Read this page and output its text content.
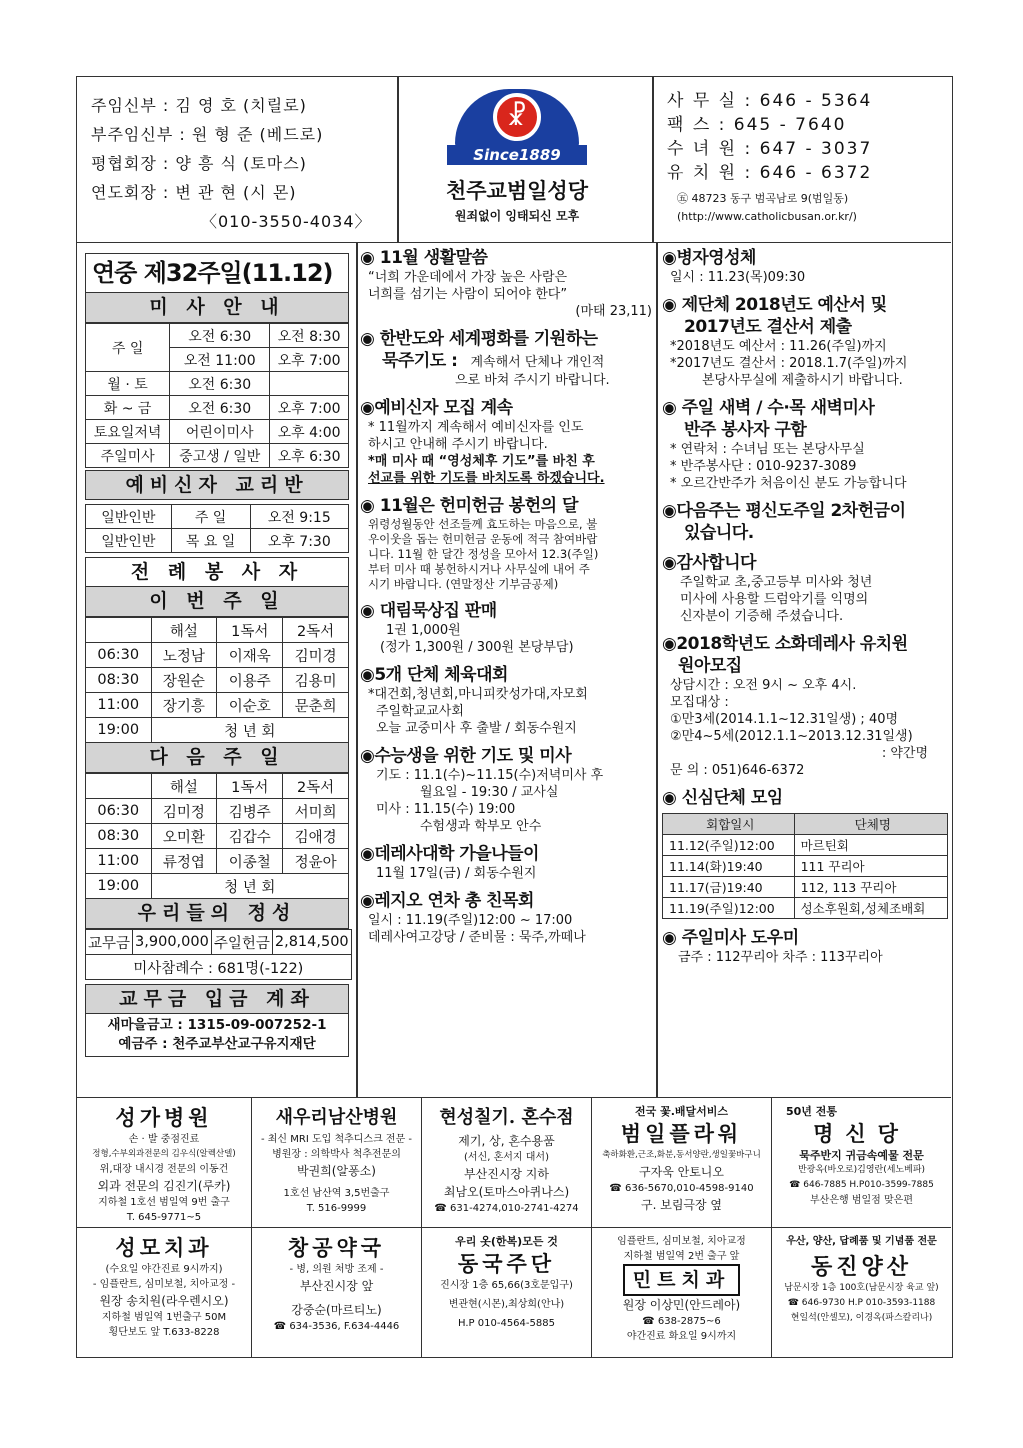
주임신부 : 김 영 호 (치릴로)
부주임신부 : 원 형 준 (베드로)
평협회장 : 양 흥 식 (토마스)
연도회장 : 변 관 현 (시 몬)
〈010-3550-4034〉
☧
Since1889
천주교범일성당
원죄없이 잉태되신 모후
사 무 실 : 646 - 5364
팩 스 : 645 - 7640
수 녀 원 : 647 - 3037
유 치 원 : 646 - 6372
㊄ 48723 동구 범곡남로 9(범일동)
(http://www.catholicbusan.or.kr/)
연중 제32주일(11.12)
미 사 안 내
주 일	오전 6:30	오전 8:30
	오전 11:00	오후 7:00
월 · 토	오전 6:30	
화 ~ 금	오전 6:30	오후 7:00
토요일저녁	어린이미사	오후 4:00
주일미사	중고생 / 일반	오후 6:30
예비신자 교리반
일반인반	주 일	오전 9:15
일반인반	목 요 일	오후 7:30
전 례 봉 사 자
이 번 주 일
	해설	1독서	2독서
06:30	노정남	이재욱	김미경
08:30	장원순	이용주	김용미
11:00	장기흥	이순호	문춘희
19:00	청 년 회		
다 음 주 일
	해설	1독서	2독서
06:30	김미정	김병주	서미희
08:30	오미환	김갑수	김애경
11:00	류정엽	이종철	정윤아
19:00	청 년 회		
우리들의 정성
교무금	3,900,000	주일헌금	2,814,500
미사참례수 : 681명(-122)
교무금 입금 계좌
새마을금고 : 1315-09-007252-1
예금주 : 천주교부산교구유지재단
◉ 11월 생활말씀
“너희 가운데에서 가장 높은 사람은
너희를 섬기는 사람이 되어야 한다”
(마태 23,11)
◉ 한반도와 세계평화를 기원하는
묵주기도 : 계속해서 단체나 개인적
으로 바쳐 주시기 바랍니다.
◉예비신자 모집 계속
* 11월까지 계속해서 예비신자를 인도
하시고 안내해 주시기 바랍니다.
*매 미사 때 “영성체후 기도”를 바친 후
선교를 위한 기도를 바치도록 하겠습니다.
◉ 11월은 헌미헌금 봉헌의 달
위령성월동안 선조들께 효도하는 마음으로, 불
우이웃을 돕는 헌미헌금 운동에 적극 참여바랍
니다. 11월 한 달간 정성을 모아서 12.3(주일)
부터 미사 때 봉헌하시거나 사무실에 내어 주
시기 바랍니다. (연말정산 기부금공제)
◉ 대림묵상집 판매
1권 1,000원
(정가 1,300원 / 300원 본당부담)
◉5개 단체 체육대회
*대건회,청년회,마니피캇성가대,자모회
주일학교교사회
오늘 교중미사 후 출발 / 회동수원지
◉수능생을 위한 기도 및 미사
기도 : 11.1(수)~11.15(수)저녁미사 후
월요일 - 19:30 / 교사실
미사 : 11.15(수) 19:00
수험생과 학부모 안수
◉데레사대학 가을나들이
11월 17일(금) / 회동수원지
◉레지오 연차 총 친목회
일시 : 11.19(주일)12:00 ~ 17:00
데레사여고강당 / 준비물 : 묵주,까떼나
◉병자영성체
일시 : 11.23(목)09:30
◉ 제단체 2018년도 예산서 및
2017년도 결산서 제출
*2018년도 예산서 : 11.26(주일)까지
*2017년도 결산서 : 2018.1.7(주일)까지
본당사무실에 제출하시기 바랍니다.
◉ 주일 새벽 / 수·목 새벽미사
반주 봉사자 구함
* 연락처 : 수녀님 또는 본당사무실
* 반주봉사단 : 010-9237-3089
* 오르간반주가 처음이신 분도 가능합니다
◉다음주는 평신도주일 2차헌금이
있습니다.
◉감사합니다
주일학교 초,중고등부 미사와 청년
미사에 사용할 드럼악기를 익명의
신자분이 기증해 주셨습니다.
◉2018학년도 소화데레사 유치원
원아모집
상담시간 : 오전 9시 ~ 오후 4시.
모집대상 :
①만3세(2014.1.1~12.31일생) ; 40명
②만4~5세(2012.1.1~2013.12.31일생)
: 약간명
문 의 : 051)646-6372
◉ 신심단체 모임
회합일시	단체명
11.12(주일)12:00	마르틴회
11.14(화)19:40	111 꾸리아
11.17(금)19:40	112, 113 꾸리아
11.19(주일)12:00	성소후원회,성체조배회
◉ 주일미사 도우미
금주 : 112꾸리아 차주 : 113꾸리아
성가병원
손 · 발 중점진료
정형,수부외과전문의 김우식(알렉산델)
위,대장 내시경 전문의 이동건
외과 전문의 김진기(루카)
지하철 1호선 범일역 9번 출구
T. 645-9771~5
새우리남산병원
- 최신 MRI 도입 척추디스크 전문 -
병원장 : 의학박사 척추전문의
박권희(알퐁소)
1호선 남산역 3,5번출구
T. 516-9999
현성칠기. 혼수점
제기, 상, 혼수용품
(서신, 혼서지 대서)
부산진시장 지하
최남오(토마스아퀴나스)
☎ 631-4274,010-2741-4274
전국 꽃.배달서비스
범일플라워
축하화환,근조,화분,동서양란,생일꽃바구니
구자욱 안토니오
☎ 636-5670,010-4598-9140
구. 보림극장 옆
50년 전통
명신당
묵주반지 귀금속예물 전문
반광옥(바오로)김영란(세노베파)
☎ 646-7885 H.P010-3599-7885
부산은행 범일점 맞은편
성모치과
(수요일 야간진료 9시까지)
- 임플란트, 심미보철, 치아교정 -
원장 송치원(라우렌시오)
지하철 범일역 1번출구 50M
횡단보도 앞 T.633-8228
창공약국
- 병, 의원 처방 조제 -
부산진시장 앞
강중순(마르티노)
☎ 634-3536, F.634-4446
우리 옷(한복)모든 것
동국주단
진시장 1층 65,66(3호문입구)
변관현(시몬),최상희(안나)
H.P 010-4564-5885
임플란트, 심미보철, 치아교정
지하철 범일역 2번 출구 앞
민트치과
원장 이상민(안드레아)
☎ 638-2875~6
야간진료 화요일 9시까지
우산, 양산, 답례품 및 기념품 전문
동진양산
남문시장 1층 100호(남문시장 육교 앞)
☎ 646-9730 H.P 010-3593-1188
현일석(안셀모), 이경옥(파스칼리나)
